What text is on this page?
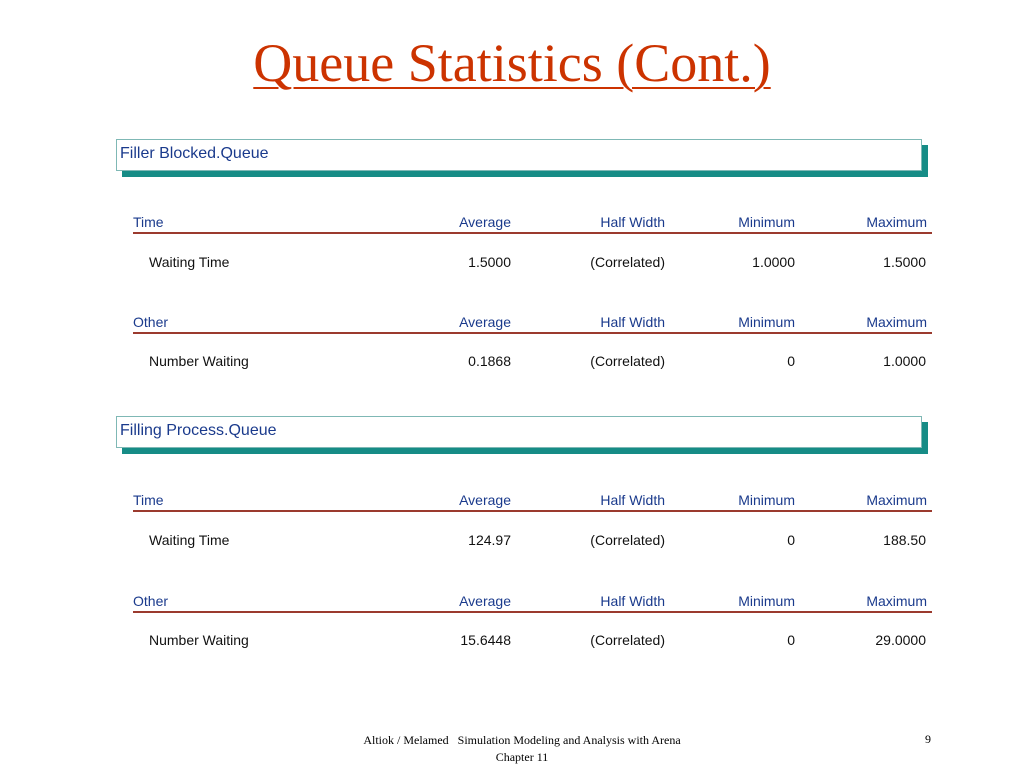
Queue Statistics (Cont.)
Filler Blocked.Queue
Time	Average	Half Width	Minimum	Maximum
Waiting Time	1.5000	(Correlated)	1.0000	1.5000
Other	Average	Half Width	Minimum	Maximum
Number Waiting	0.1868	(Correlated)	0	1.0000
Filling Process.Queue
Time	Average	Half Width	Minimum	Maximum
Waiting Time	124.97	(Correlated)	0	188.50
Other	Average	Half Width	Minimum	Maximum
Number Waiting	15.6448	(Correlated)	0	29.0000
Altiok / Melamed   Simulation Modeling and Analysis with Arena
Chapter 11
9
